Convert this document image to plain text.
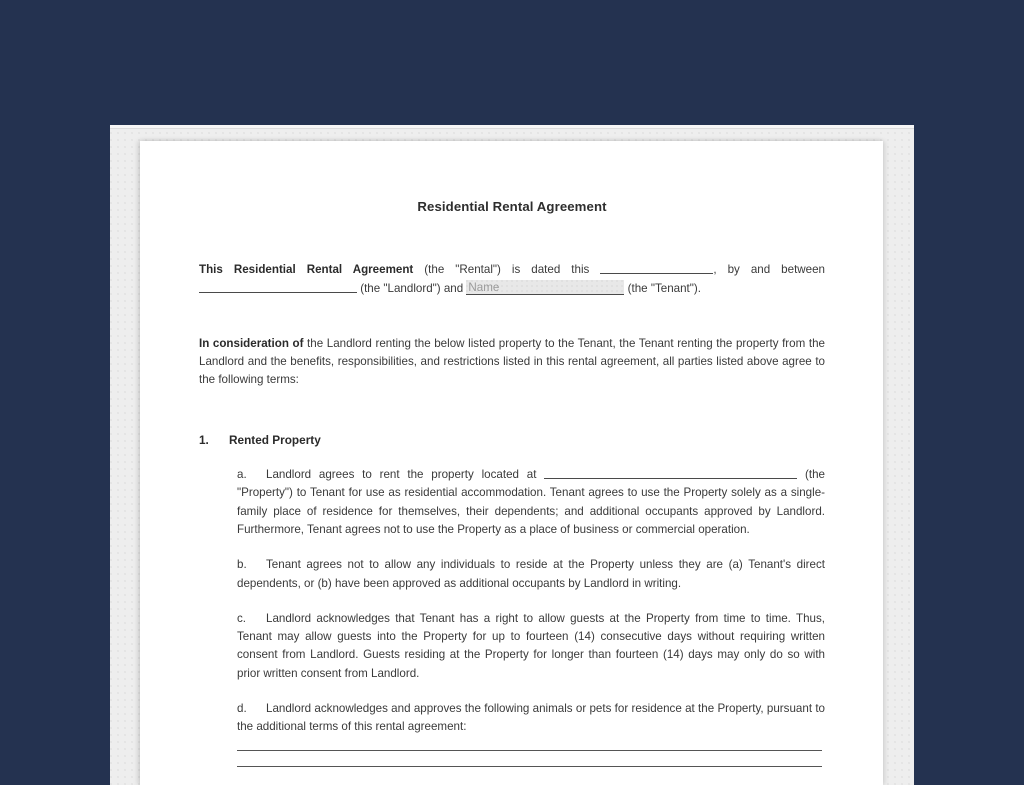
Residential Rental Agreement

This Residential Rental Agreement (the "Rental") is dated this	, by and between  (the "Landlord") and Name	(the "Tenant").

In consideration of the Landlord renting the below listed property to the Tenant, the Tenant renting the property from the Landlord and the benefits, responsibilities, and restrictions listed in this rental agreement, all parties listed above agree to the following terms:

1. Rented Property
a. Landlord agrees to rent the property located at	(the "Property") to Tenant for use as residential accommodation. Tenant agrees to use the Property solely as a single-family place of residence for themselves, their dependents; and additional occupants approved by Landlord. Furthermore, Tenant agrees not to use the Property as a place of business or commercial operation.
b. Tenant agrees not to allow any individuals to reside at the Property unless they are (a) Tenant's direct dependents, or (b) have been approved as additional occupants by Landlord in writing.
c. Landlord acknowledges that Tenant has a right to allow guests at the Property from time to time. Thus, Tenant may allow guests into the Property for up to fourteen (14) consecutive days without requiring written consent from Landlord. Guests residing at the Property for longer than fourteen (14) days may only do so with prior written consent from Landlord.
d. Landlord acknowledges and approves the following animals or pets for residence at the Property, pursuant to the additional terms of this rental agreement:
